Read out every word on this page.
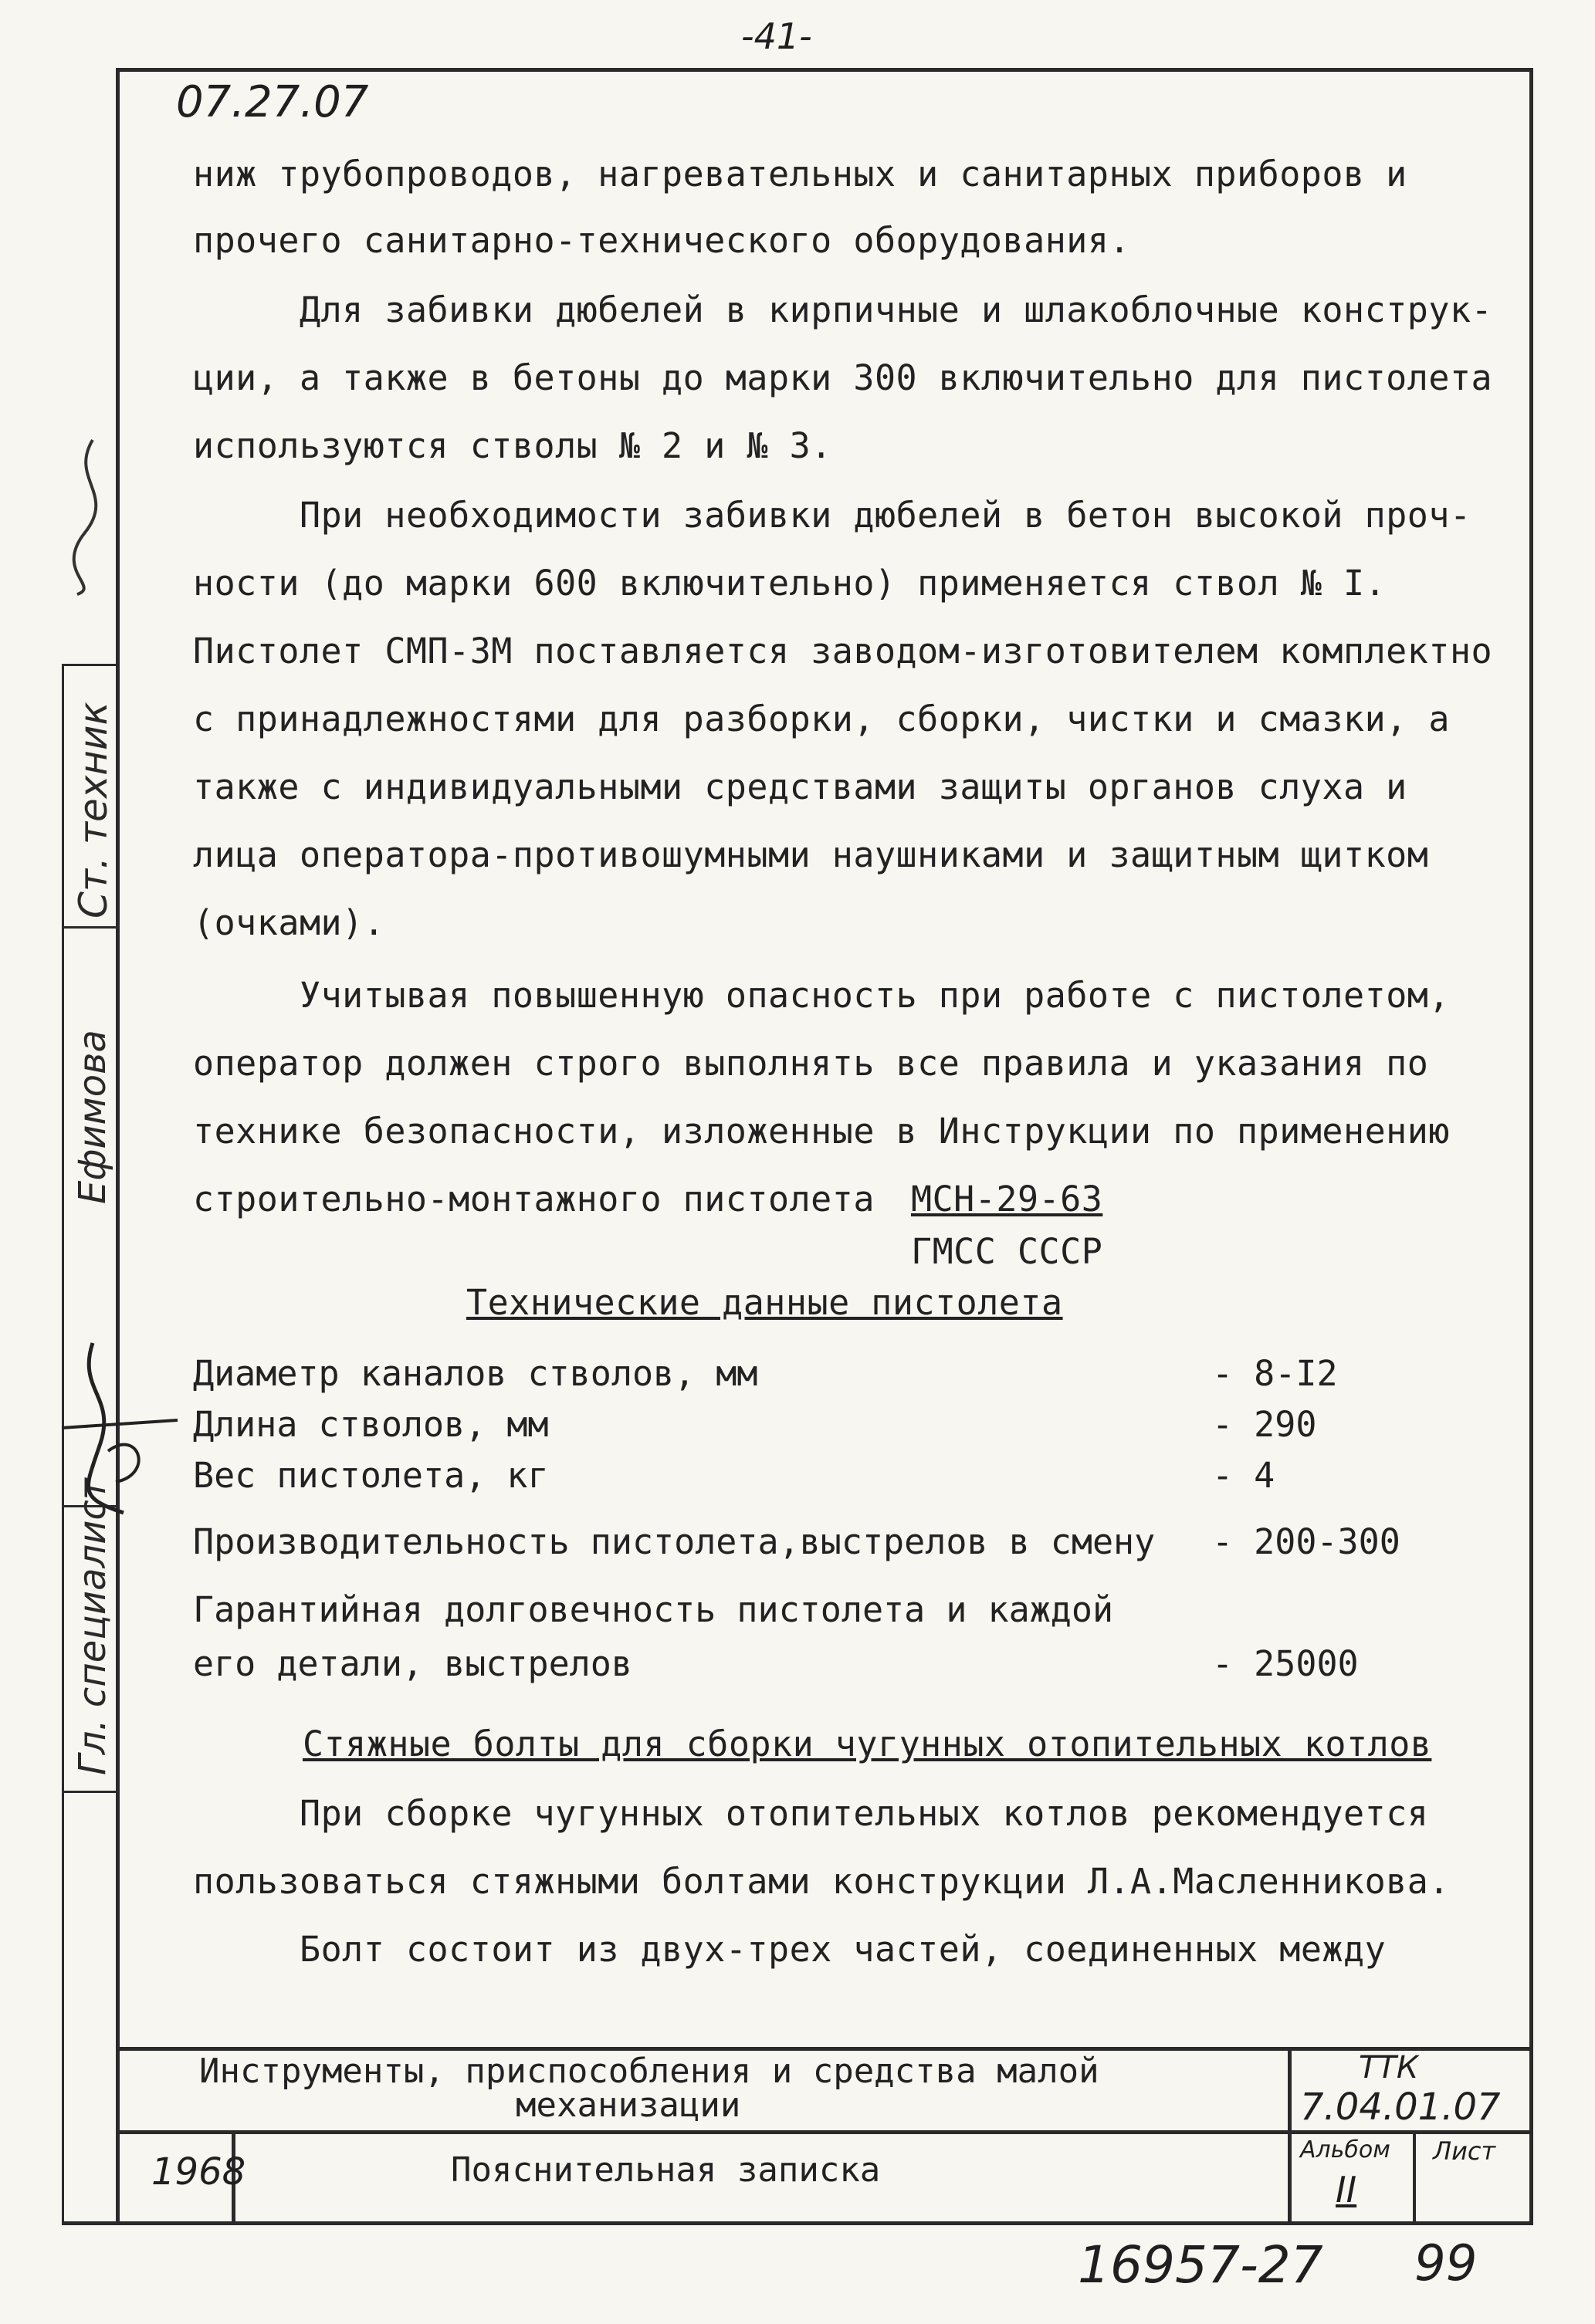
-41-
Ст. техник
Ефимова
Гл. специалист
07.27.07
ниж трубопроводов, нагревательных и санитарных приборов и
прочего санитарно-технического оборудования.
Для забивки дюбелей в кирпичные и шлакоблочные конструк-
ции, а также в бетоны до марки 300 включительно для пистолета
используются стволы № 2 и № 3.
При необходимости забивки дюбелей в бетон высокой проч-
ности (до марки 600 включительно) применяется ствол № I.
Пистолет СМП-3М поставляется заводом-изготовителем комплектно
с принадлежностями для разборки, сборки, чистки и смазки, а
также с индивидуальными средствами защиты органов слуха и
лица оператора-противошумными наушниками и защитным щитком
(очками).
Учитывая повышенную опасность при работе с пистолетом,
оператор должен строго выполнять все правила и указания по
технике безопасности, изложенные в Инструкции по применению
строительно-монтажного пистолета МСН-29-63
ГМСС СССР
Технические данные пистолета
Диаметр каналов стволов, мм	- 8-I2
Длина стволов, мм	- 290
Вес пистолета, кг	- 4
Производительность пистолета,выстрелов в смену - 200-300
Гарантийная долговечность пистолета и каждой
его детали, выстрелов	- 25000
Стяжные болты для сборки чугунных отопительных котлов
При сборке чугунных отопительных котлов рекомендуется
пользоваться стяжными болтами конструкции Л.А.Масленникова.
Болт состоит из двух-трех частей, соединенных между
Инструменты, приспособления и средства малой
механизации
ТТК
7.04.01.07
1968	Пояснительная записка
Альбом
II
Лист
16957-27 99
